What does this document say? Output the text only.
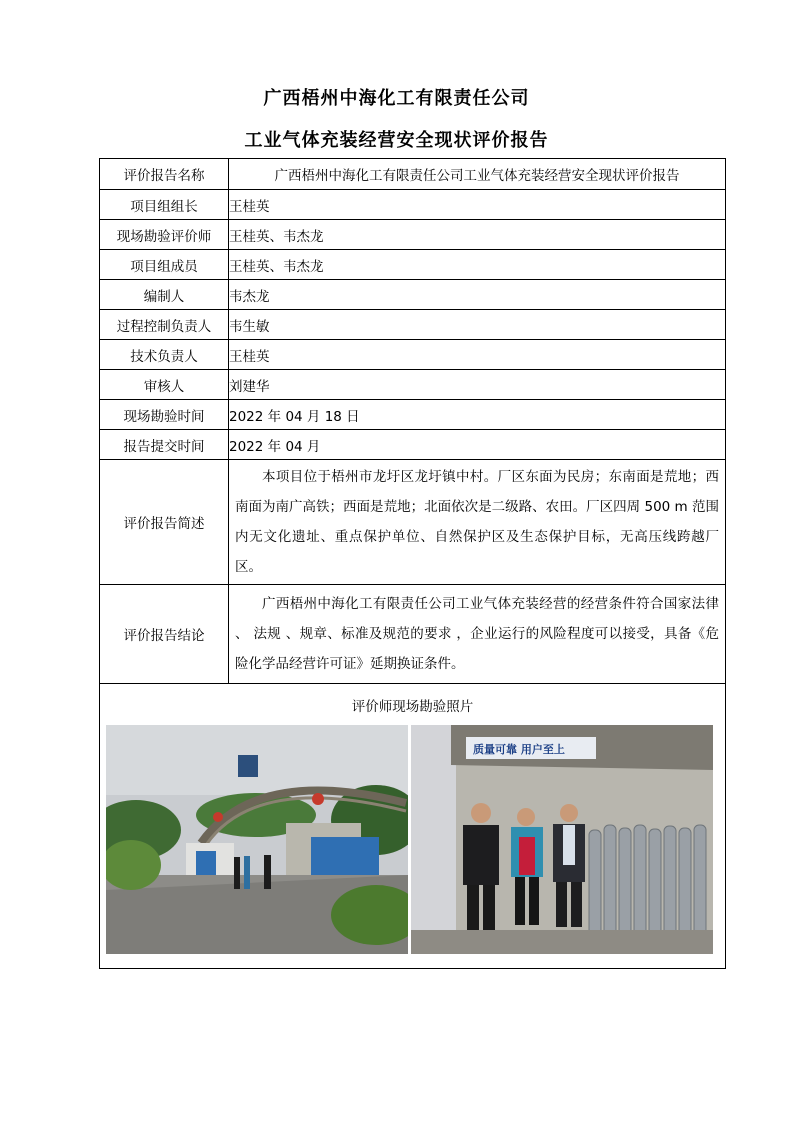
广西梧州中海化工有限责任公司
工业气体充装经营安全现状评价报告
评价报告名称	广西梧州中海化工有限责任公司工业气体充装经营安全现状评价报告
项目组组长	王桂英
现场勘验评价师	王桂英、韦杰龙
项目组成员	王桂英、韦杰龙
编制人	韦杰龙
过程控制负责人	韦生敏
技术负责人	王桂英
审核人	刘建华
现场勘验时间	2022 年 04 月 18 日
报告提交时间	2022 年 04 月
评价报告简述	本项目位于梧州市龙圩区龙圩镇中村。厂区东面为民房；东南面是荒地；西南面为南广高铁；西面是荒地；北面依次是二级路、农田。厂区四周 500 m 范围内无文化遗址、重点保护单位、自然保护区及生态保护目标，无高压线跨越厂区。

评价报告结论	广西梧州中海化工有限责任公司工业气体充装经营的经营条件符合国家法律 、 法规 、规章、标准及规范的要求 ，企业运行的风险程度可以接受，具备《危险化学品经营许可证》延期换证条件。

评价师现场勘验照片
质量可靠 用户至上	
